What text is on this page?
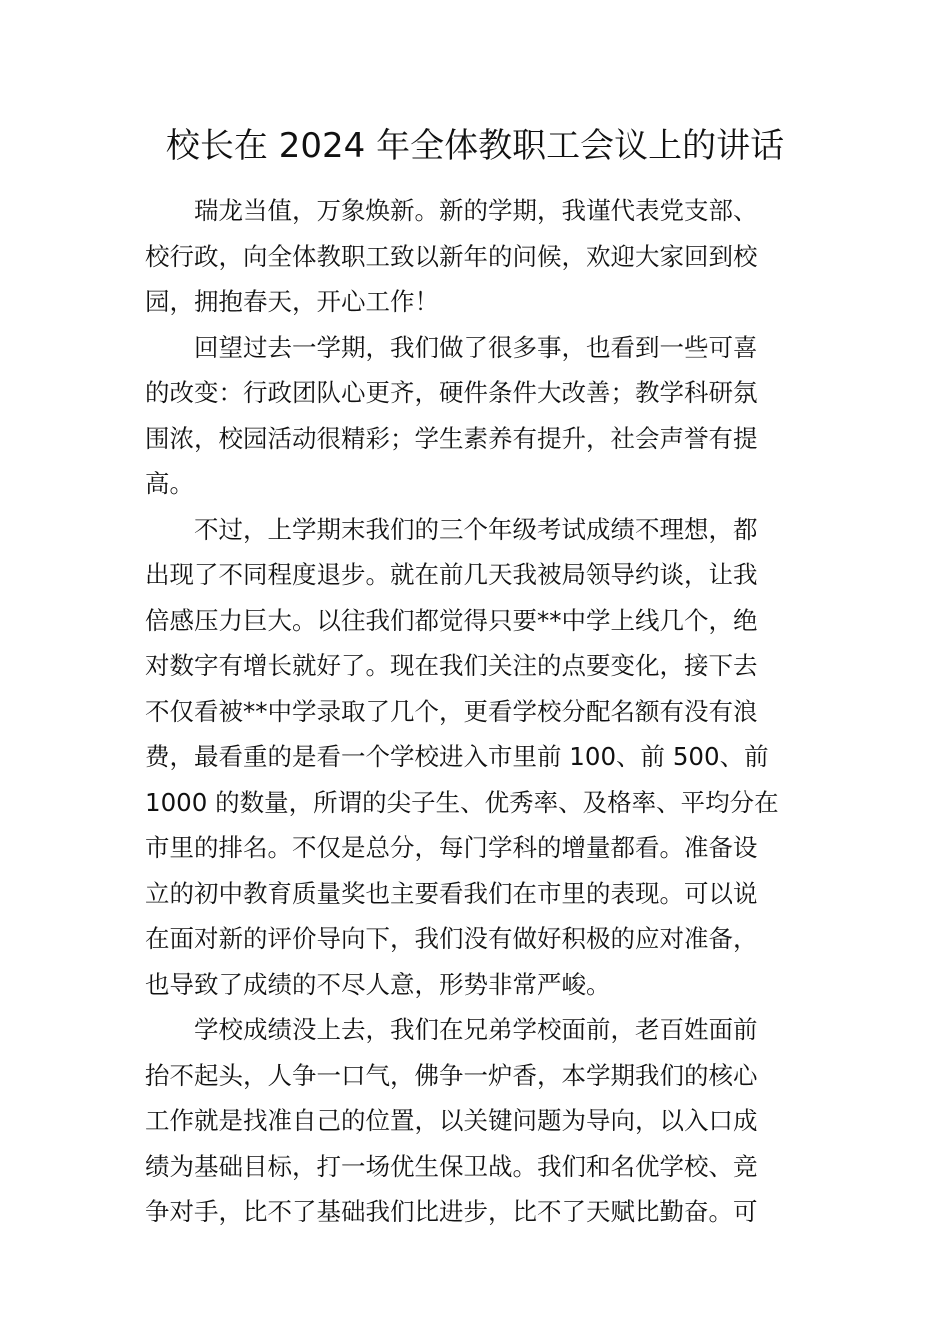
校长在 2024 年全体教职工会议上的讲话

瑞龙当值，万象焕新。新的学期，我谨代表党支部、
校行政，向全体教职工致以新年的问候，欢迎大家回到校
园，拥抱春天，开心工作！

回望过去一学期，我们做了很多事，也看到一些可喜
的改变：行政团队心更齐，硬件条件大改善；教学科研氛
围浓，校园活动很精彩；学生素养有提升，社会声誉有提
高。

不过，上学期末我们的三个年级考试成绩不理想，都
出现了不同程度退步。就在前几天我被局领导约谈，让我
倍感压力巨大。以往我们都觉得只要**中学上线几个，绝
对数字有增长就好了。现在我们关注的点要变化，接下去
不仅看被**中学录取了几个，更看学校分配名额有没有浪
费，最看重的是看一个学校进入市里前 100、前 500、前
1000 的数量，所谓的尖子生、优秀率、及格率、平均分在
市里的排名。不仅是总分，每门学科的增量都看。准备设
立的初中教育质量奖也主要看我们在市里的表现。可以说
在面对新的评价导向下，我们没有做好积极的应对准备，
也导致了成绩的不尽人意，形势非常严峻。

学校成绩没上去，我们在兄弟学校面前，老百姓面前
抬不起头，人争一口气，佛争一炉香，本学期我们的核心
工作就是找准自己的位置，以关键问题为导向，以入口成
绩为基础目标，打一场优生保卫战。我们和名优学校、竞
争对手，比不了基础我们比进步，比不了天赋比勤奋。可
